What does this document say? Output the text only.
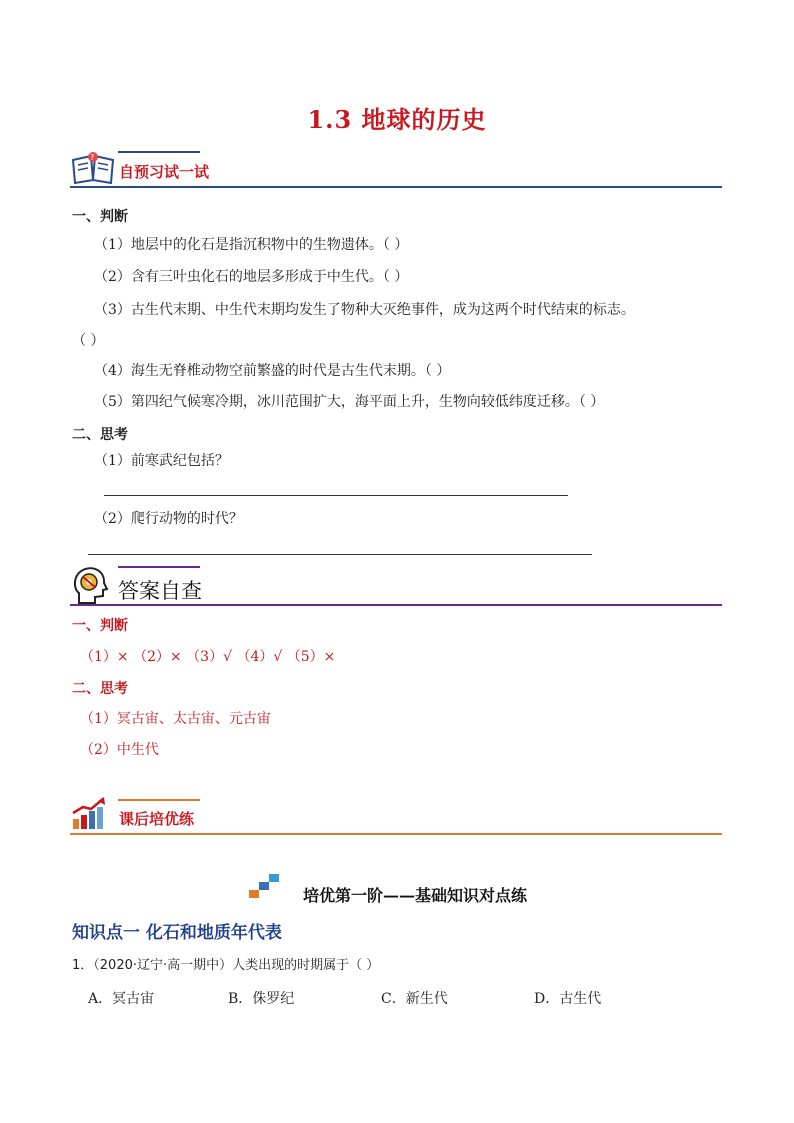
1.3 地球的历史
?
自预习试一试
一、判断
（1）地层中的化石是指沉积物中的生物遗体。（ ）
（2）含有三叶虫化石的地层多形成于中生代。（ ）
（3）古生代末期、中生代末期均发生了物种大灭绝事件，成为这两个时代结束的标志。
（ ）
（4）海生无脊椎动物空前繁盛的时代是古生代末期。（ ）
（5）第四纪气候寒冷期，冰川范围扩大，海平面上升，生物向较低纬度迁移。（ ）
二、思考
（1）前寒武纪包括？
（2）爬行动物的时代？
答案自查
一、判断
（1）× （2）× （3）√ （4）√ （5）×
二、思考
（1）冥古宙、太古宙、元古宙
（2）中生代
课后培优练
培优第一阶——基础知识对点练
知识点一 化石和地质年代表
1．（2020·辽宁·高一期中）人类出现的时期属于（ ）
A．冥古宙	B．侏罗纪	C．新生代	D．古生代
